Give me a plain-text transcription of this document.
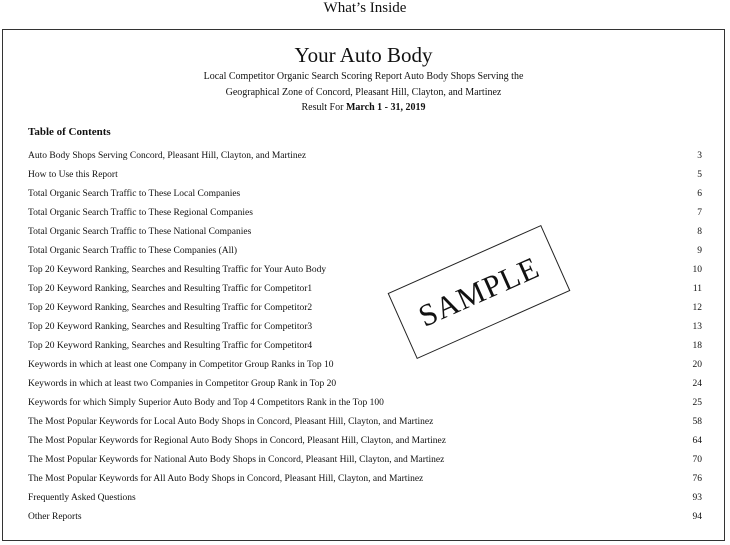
What’s Inside
Your Auto Body
Local Competitor Organic Search Scoring Report Auto Body Shops Serving the
Geographical Zone of Concord, Pleasant Hill, Clayton, and Martinez
Result For March 1 - 31, 2019
Table of Contents
Auto Body Shops Serving Concord, Pleasant Hill, Clayton, and Martinez	3
How to Use this Report	5
Total Organic Search Traffic to These Local Companies	6
Total Organic Search Traffic to These Regional Companies	7
Total Organic Search Traffic to These National Companies	8
Total Organic Search Traffic to These Companies (All)	9
Top 20 Keyword Ranking, Searches and Resulting Traffic for Your Auto Body	10
Top 20 Keyword Ranking, Searches and Resulting Traffic for Competitor1	11
Top 20 Keyword Ranking, Searches and Resulting Traffic for Competitor2	12
Top 20 Keyword Ranking, Searches and Resulting Traffic for Competitor3	13
Top 20 Keyword Ranking, Searches and Resulting Traffic for Competitor4	18
Keywords in which at least one Company in Competitor Group Ranks in Top 10	20
Keywords in which at least two Companies in Competitor Group Rank in Top 20	24
Keywords for which Simply Superior Auto Body and Top 4 Competitors Rank in the Top 100	25
The Most Popular Keywords for Local Auto Body Shops in Concord, Pleasant Hill, Clayton, and Martinez	58
The Most Popular Keywords for Regional Auto Body Shops in Concord, Pleasant Hill, Clayton, and Martinez	64
The Most Popular Keywords for National Auto Body Shops in Concord, Pleasant Hill, Clayton, and Martinez	70
The Most Popular Keywords for All Auto Body Shops in Concord, Pleasant Hill, Clayton, and Martinez	76
Frequently Asked Questions	93
Other Reports	94
SAMPLE
